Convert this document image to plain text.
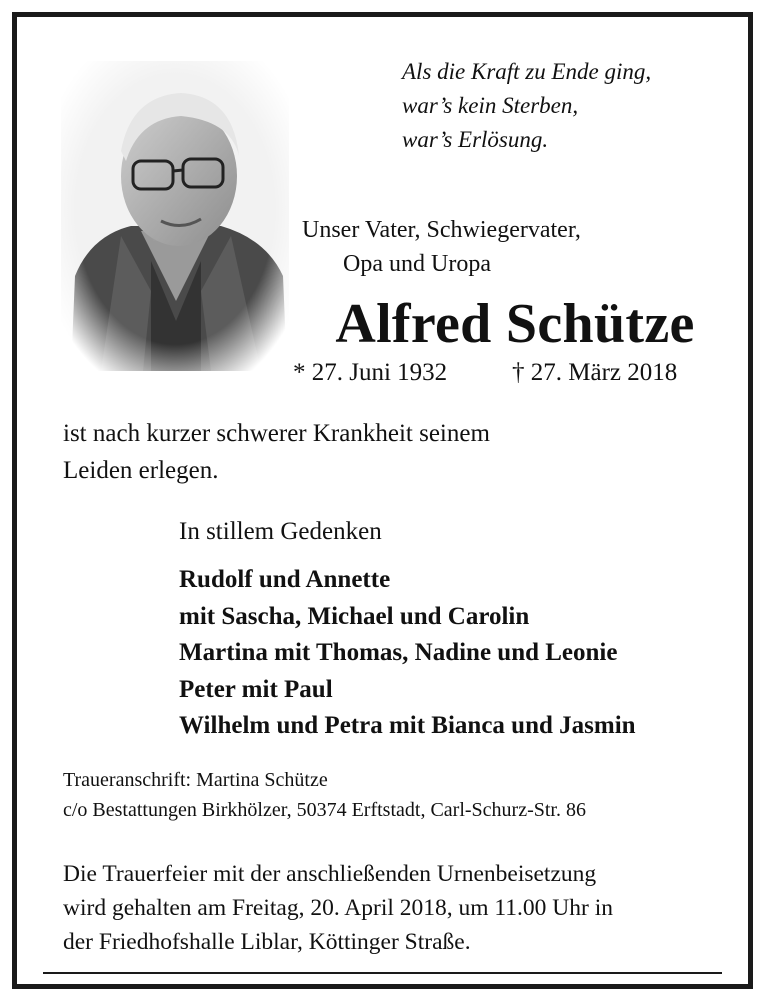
Als die Kraft zu Ende ging,
war’s kein Sterben,
war’s Erlösung.
Unser Vater, Schwiegervater,
Opa und Uropa
Alfred Schütze
* 27. Juni 1932	† 27. März 2018
ist nach kurzer schwerer Krankheit seinem
Leiden erlegen.
In stillem Gedenken
Rudolf und Annette
mit Sascha, Michael und Carolin
Martina mit Thomas, Nadine und Leonie
Peter mit Paul
Wilhelm und Petra mit Bianca und Jasmin
Traueranschrift: Martina Schütze
c/o Bestattungen Birkhölzer, 50374 Erftstadt, Carl-Schurz-Str. 86
Die Trauerfeier mit der anschließenden Urnenbeisetzung
wird gehalten am Freitag, 20. April 2018, um 11.00 Uhr in
der Friedhofshalle Liblar, Köttinger Straße.
